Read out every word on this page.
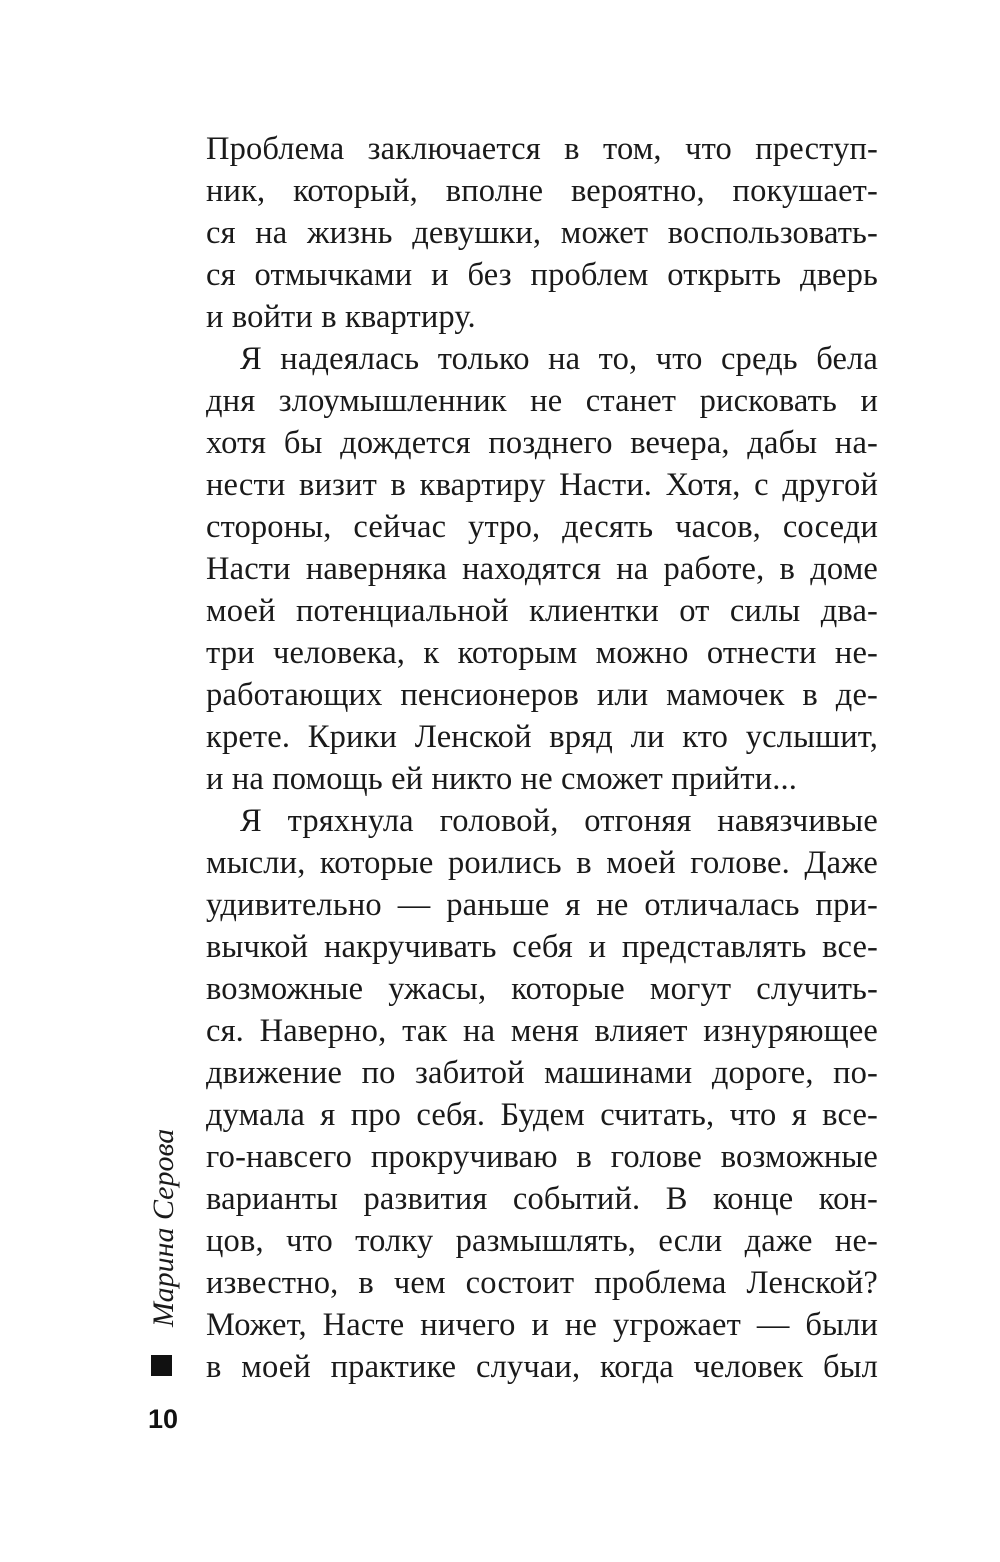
Проблема заключается в том, что преступ-
ник, который, вполне вероятно, покушает-
ся на жизнь девушки, может воспользовать-
ся отмычками и без проблем открыть дверь
и войти в квартиру.
Я надеялась только на то, что средь бела
дня злоумышленник не станет рисковать и
хотя бы дождется позднего вечера, дабы на-
нести визит в квартиру Насти. Хотя, с другой
стороны, сейчас утро, десять часов, соседи
Насти наверняка находятся на работе, в доме
моей потенциальной клиентки от силы два-
три человека, к которым можно отнести не-
работающих пенсионеров или мамочек в де-
крете. Крики Ленской вряд ли кто услышит,
и на помощь ей никто не сможет прийти...
Я тряхнула головой, отгоняя навязчивые
мысли, которые роились в моей голове. Даже
удивительно — раньше я не отличалась при-
вычкой накручивать себя и представлять все-
возможные ужасы, которые могут случить-
ся. Наверно, так на меня влияет изнуряющее
движение по забитой машинами дороге, по-
думала я про себя. Будем считать, что я все-
го-навсего прокручиваю в голове возможные
варианты развития событий. В конце кон-
цов, что толку размышлять, если даже не-
известно, в чем состоит проблема Ленской?
Может, Насте ничего и не угрожает — были
в моей практике случаи, когда человек был
Марина Серова
10
